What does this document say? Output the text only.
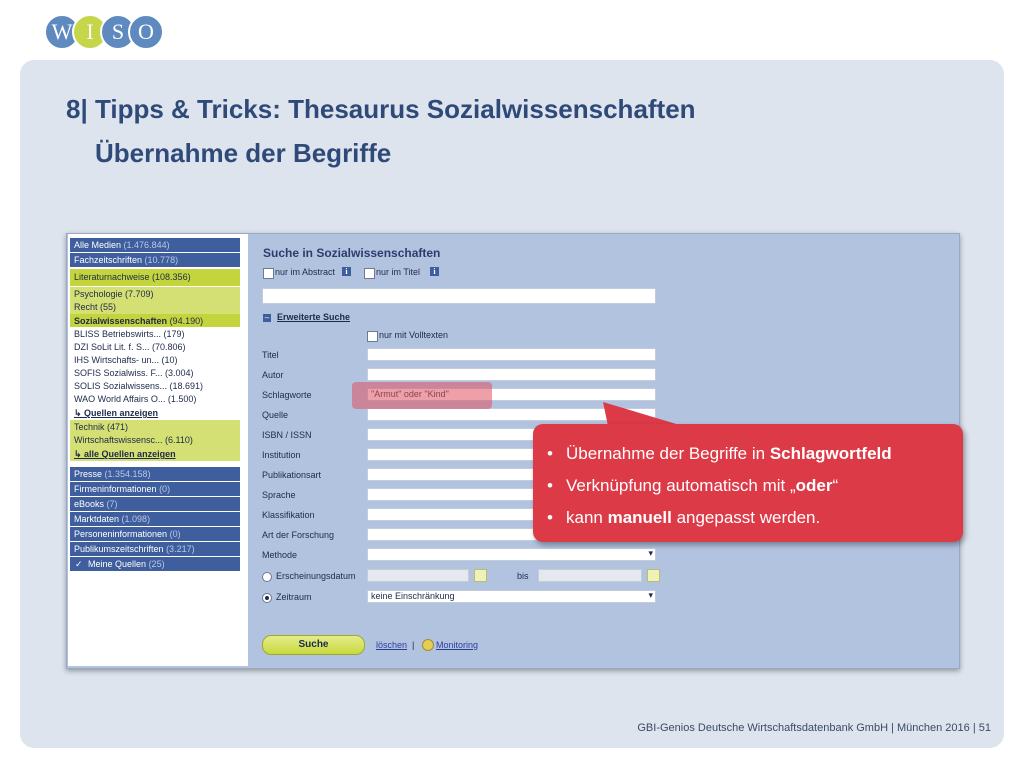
W I S O
8| Tipps & Tricks: Thesaurus Sozialwissenschaften
Übernahme der Begriffe
Alle Medien (1.476.844)
Fachzeitschriften (10.778)
Literaturnachweise (108.356)
Psychologie (7.709)
Recht (55)
Sozialwissenschaften (94.190)
BLISS Betriebswirts... (179)
DZI SoLit Lit. f. S... (70.806)
IHS Wirtschafts- un... (10)
SOFIS Sozialwiss. F... (3.004)
SOLIS Sozialwissens... (18.691)
WAO World Affairs O... (1.500)
↳ Quellen anzeigen
Technik (471)
Wirtschaftswissensc... (6.110)
↳ alle Quellen anzeigen
Presse (1.354.158)
Firmeninformationen (0)
eBooks (7)
Marktdaten (1.098)
Personeninformationen (0)
Publikumszeitschriften (3.217)
✓ Meine Quellen (25)
Suche in Sozialwissenschaften
nur im Abstract	i	nur im Titel	i
– Erweiterte Suche
nur mit Volltexten
Titel
Autor
Schlagworte
Quelle
ISBN / ISSN
Institution
Publikationsart
Sprache
Klassifikation
Art der Forschung
Methode
▾
Erscheinungsdatum	bis
Zeitraum	keine Einschränkung ▾
Suche	löschen | Monitoring
• Übernahme der Begriffe in Schlagwortfeld
• Verknüpfung automatisch mit „oder“
• kann manuell angepasst werden.
GBI-Genios Deutsche Wirtschaftsdatenbank GmbH | München 2016 | 51
